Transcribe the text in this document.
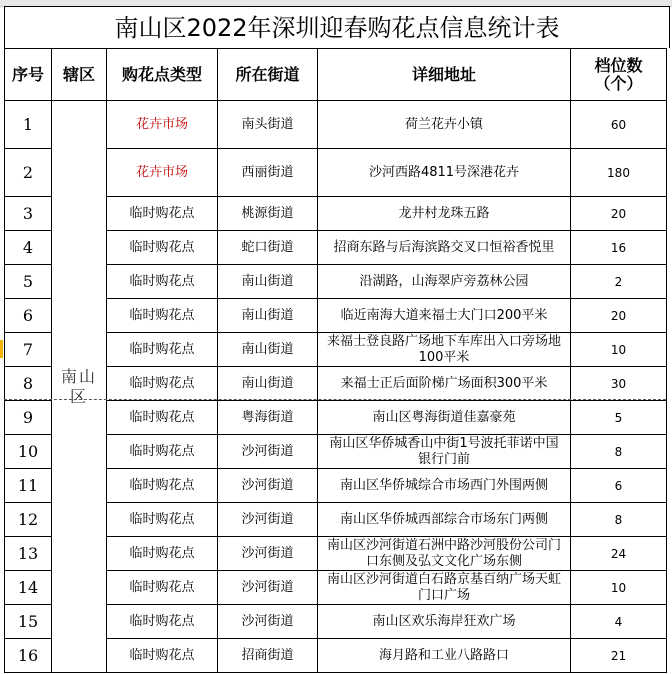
南山区2022年深圳迎春购花点信息统计表
序号	辖区	购花点类型	所在街道	详细地址	档位数
（个）

1	南山区	花卉市场	南头街道	荷兰花卉小镇	60
2		花卉市场	西丽街道	沙河西路4811号深港花卉	180
3		临时购花点	桃源街道	龙井村龙珠五路	20
4		临时购花点	蛇口街道	招商东路与后海滨路交叉口恒裕香悦里	16
5		临时购花点	南山街道	沿湖路，山海翠庐旁荔林公园	2
6		临时购花点	南山街道	临近南海大道来福士大门口200平米	20
7		临时购花点	南山街道	来福士登良路广场地下车库出入口旁场地100平米	10
8		临时购花点	南山街道	来福士正后面阶梯广场面积300平米	30
9		临时购花点	粤海街道	南山区粤海街道佳嘉豪苑	5
10		临时购花点	沙河街道	南山区华侨城香山中街1号波托菲诺中国银行门前	8
11		临时购花点	沙河街道	南山区华侨城综合市场西门外围两侧	6
12		临时购花点	沙河街道	南山区华侨城西部综合市场东门两侧	8
13		临时购花点	沙河街道	南山区沙河街道石洲中路沙河股份公司门口东侧及弘文文化广场东侧	24
14		临时购花点	沙河街道	南山区沙河街道白石路京基百纳广场天虹门口广场	10
15		临时购花点	沙河街道	南山区欢乐海岸狂欢广场	4
16		临时购花点	招商街道	海月路和工业八路路口	21
